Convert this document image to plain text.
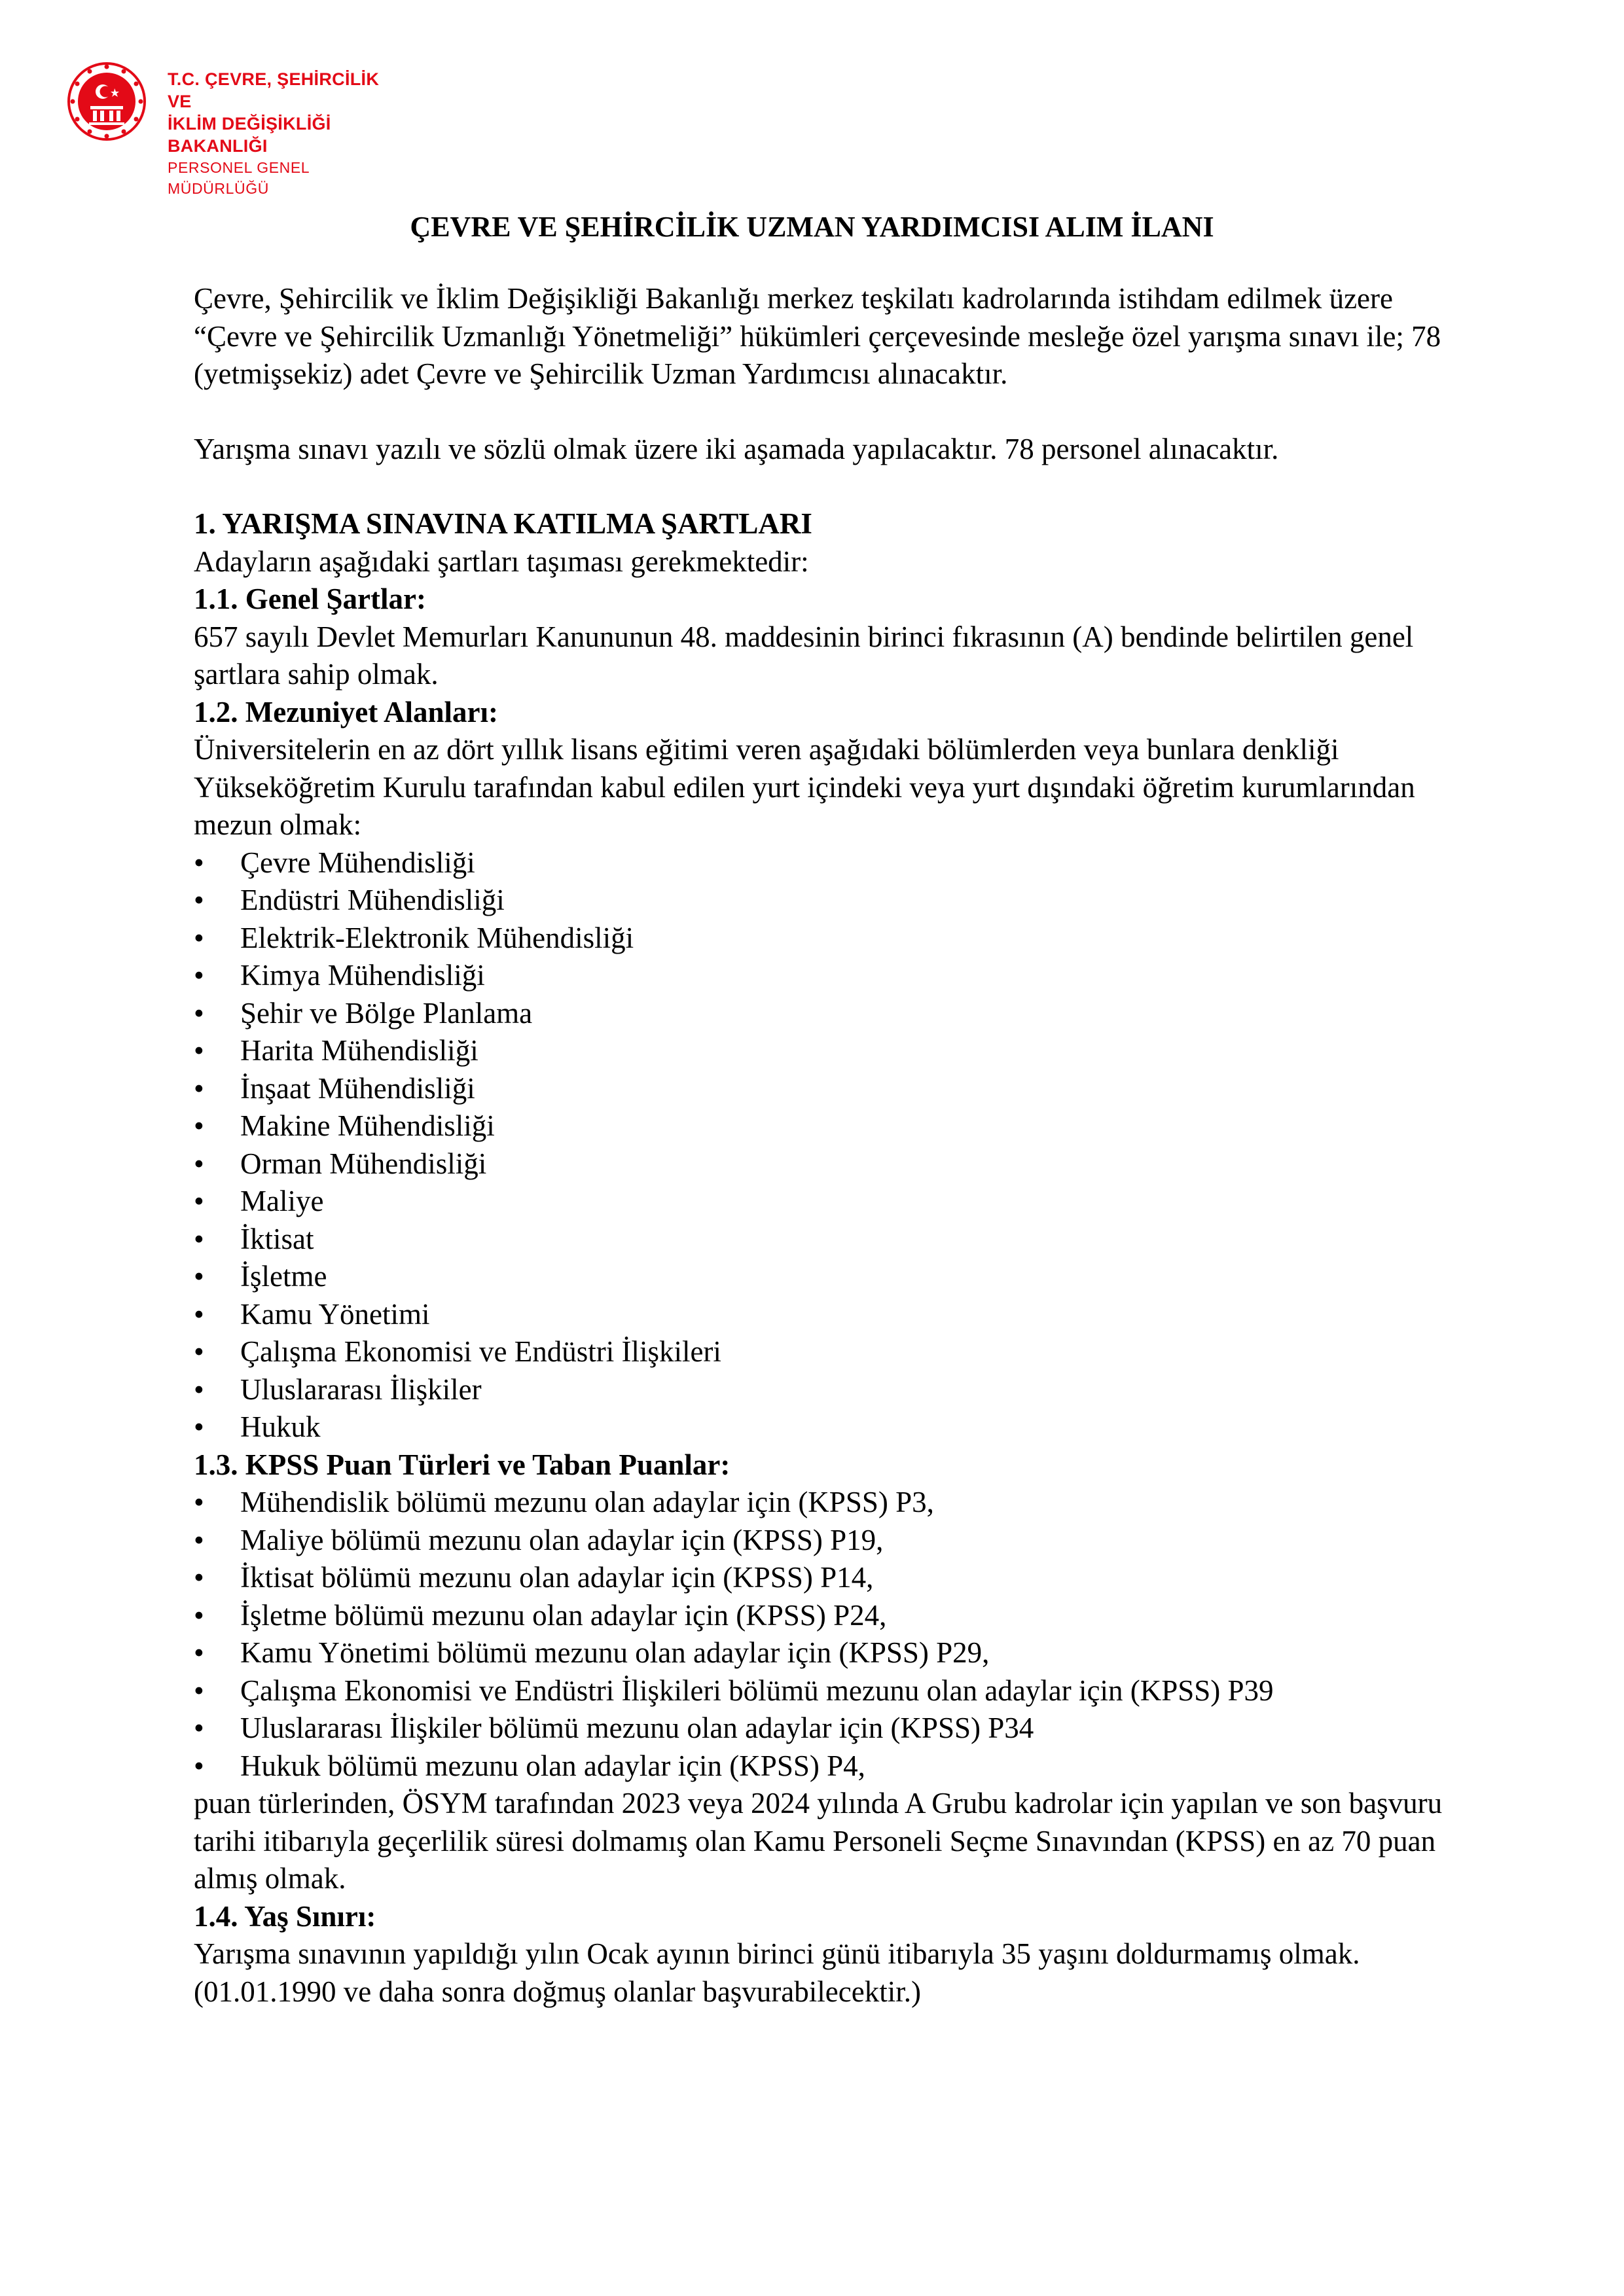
T.C. ÇEVRE, ŞEHİRCİLİK VE
İKLİM DEĞİŞİKLİĞİ BAKANLIĞI
PERSONEL GENEL MÜDÜRLÜĞÜ
ÇEVRE VE ŞEHİRCİLİK UZMAN YARDIMCISI ALIM İLANI

Çevre, Şehircilik ve İklim Değişikliği Bakanlığı merkez teşkilatı kadrolarında istihdam edilmek üzere “Çevre ve Şehircilik Uzmanlığı Yönetmeliği” hükümleri çerçevesinde mesleğe özel yarışma sınavı ile; 78 (yetmişsekiz) adet Çevre ve Şehircilik Uzman Yardımcısı alınacaktır.

Yarışma sınavı yazılı ve sözlü olmak üzere iki aşamada yapılacaktır. 78 personel alınacaktır.

1. YARIŞMA SINAVINA KATILMA ŞARTLARI

Adayların aşağıdaki şartları taşıması gerekmektedir:

1.1. Genel Şartlar:

657 sayılı Devlet Memurları Kanununun 48. maddesinin birinci fıkrasının (A) bendinde belirtilen genel şartlara sahip olmak.

1.2. Mezuniyet Alanları:

Üniversitelerin en az dört yıllık lisans eğitimi veren aşağıdaki bölümlerden veya bunlara denkliği Yükseköğretim Kurulu tarafından kabul edilen yurt içindeki veya yurt dışındaki öğretim kurumlarından mezun olmak:

• Çevre Mühendisliği
• Endüstri Mühendisliği
• Elektrik-Elektronik Mühendisliği
• Kimya Mühendisliği
• Şehir ve Bölge Planlama
• Harita Mühendisliği
• İnşaat Mühendisliği
• Makine Mühendisliği
• Orman Mühendisliği
• Maliye
• İktisat
• İşletme
• Kamu Yönetimi
• Çalışma Ekonomisi ve Endüstri İlişkileri
• Uluslararası İlişkiler
• Hukuk

1.3. KPSS Puan Türleri ve Taban Puanlar:

• Mühendislik bölümü mezunu olan adaylar için (KPSS) P3,
• Maliye bölümü mezunu olan adaylar için (KPSS) P19,
• İktisat bölümü mezunu olan adaylar için (KPSS) P14,
• İşletme bölümü mezunu olan adaylar için (KPSS) P24,
• Kamu Yönetimi bölümü mezunu olan adaylar için (KPSS) P29,
• Çalışma Ekonomisi ve Endüstri İlişkileri bölümü mezunu olan adaylar için (KPSS) P39
• Uluslararası İlişkiler bölümü mezunu olan adaylar için (KPSS) P34
• Hukuk bölümü mezunu olan adaylar için (KPSS) P4,

puan türlerinden, ÖSYM tarafından 2023 veya 2024 yılında A Grubu kadrolar için yapılan ve son başvuru tarihi itibarıyla geçerlilik süresi dolmamış olan Kamu Personeli Seçme Sınavından (KPSS) en az 70 puan almış olmak.

1.4. Yaş Sınırı:

Yarışma sınavının yapıldığı yılın Ocak ayının birinci günü itibarıyla 35 yaşını doldurmamış olmak. (01.01.1990 ve daha sonra doğmuş olanlar başvurabilecektir.)
